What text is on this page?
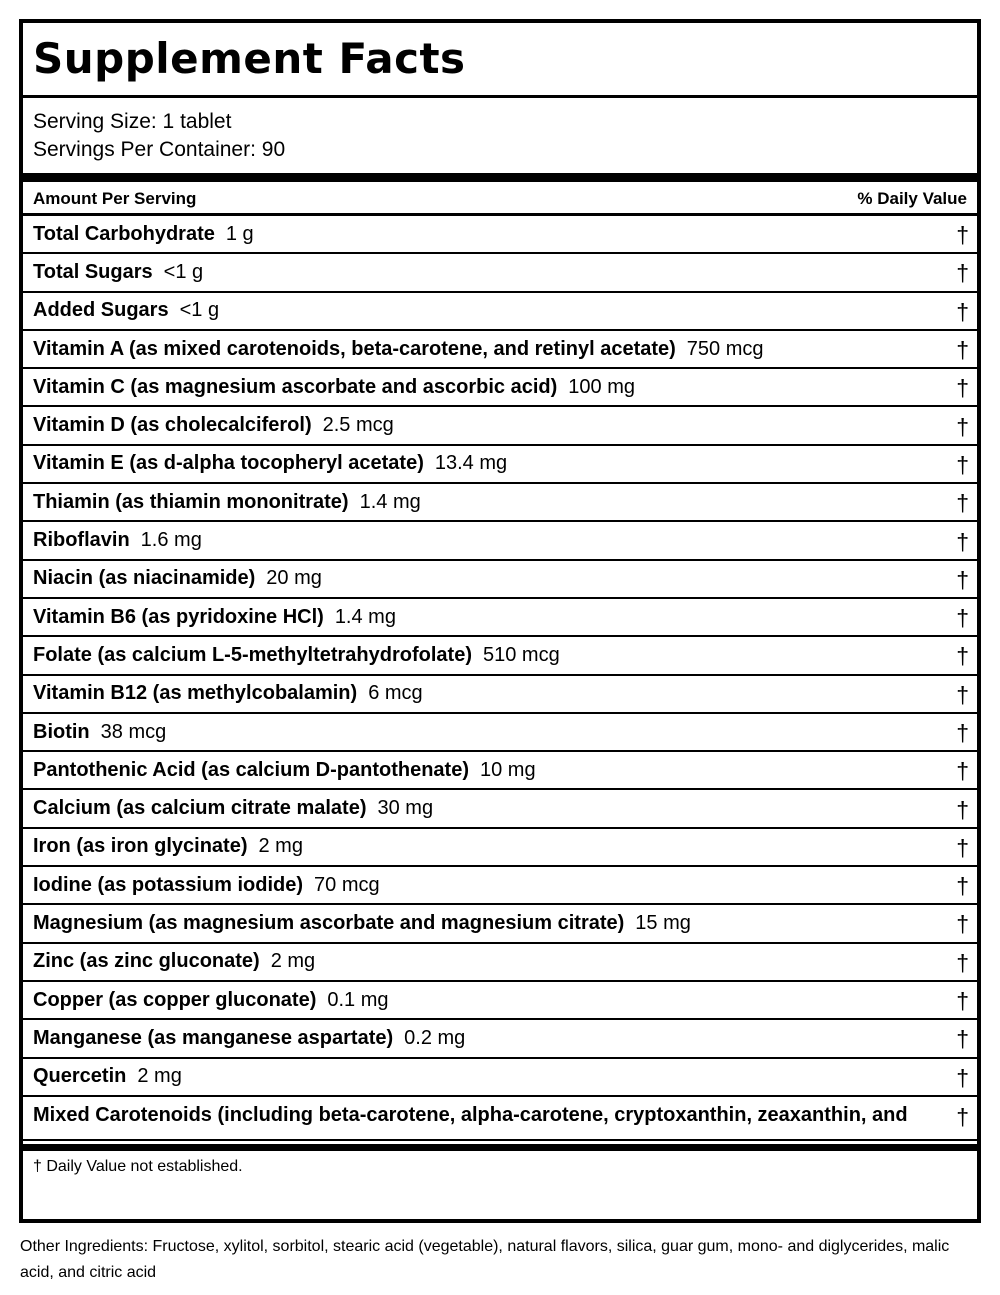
Supplement Facts
Serving Size: 1 tablet
Servings Per Container: 90
Amount Per Serving	% Daily Value
Total Carbohydrate 1 g	†
Total Sugars <1 g	†
Added Sugars <1 g	†
Vitamin A (as mixed carotenoids, beta-carotene, and retinyl acetate) 750 mcg	†
Vitamin C (as magnesium ascorbate and ascorbic acid) 100 mg	†
Vitamin D (as cholecalciferol) 2.5 mcg	†
Vitamin E (as d-alpha tocopheryl acetate) 13.4 mg	†
Thiamin (as thiamin mononitrate) 1.4 mg	†
Riboflavin 1.6 mg	†
Niacin (as niacinamide) 20 mg	†
Vitamin B6 (as pyridoxine HCl) 1.4 mg	†
Folate (as calcium L-5-methyltetrahydrofolate) 510 mcg	†
Vitamin B12 (as methylcobalamin) 6 mcg	†
Biotin 38 mcg	†
Pantothenic Acid (as calcium D-pantothenate) 10 mg	†
Calcium (as calcium citrate malate) 30 mg	†
Iron (as iron glycinate) 2 mg	†
Iodine (as potassium iodide) 70 mcg	†
Magnesium (as magnesium ascorbate and magnesium citrate) 15 mg	†
Zinc (as zinc gluconate) 2 mg	†
Copper (as copper gluconate) 0.1 mg	†
Manganese (as manganese aspartate) 0.2 mg	†
Quercetin 2 mg	†
Mixed Carotenoids (including beta-carotene, alpha-carotene, cryptoxanthin, zeaxanthin, and †
† Daily Value not established.
Other Ingredients: Fructose, xylitol, sorbitol, stearic acid (vegetable), natural flavors, silica, guar gum, mono- and diglycerides, malic acid, and citric acid
